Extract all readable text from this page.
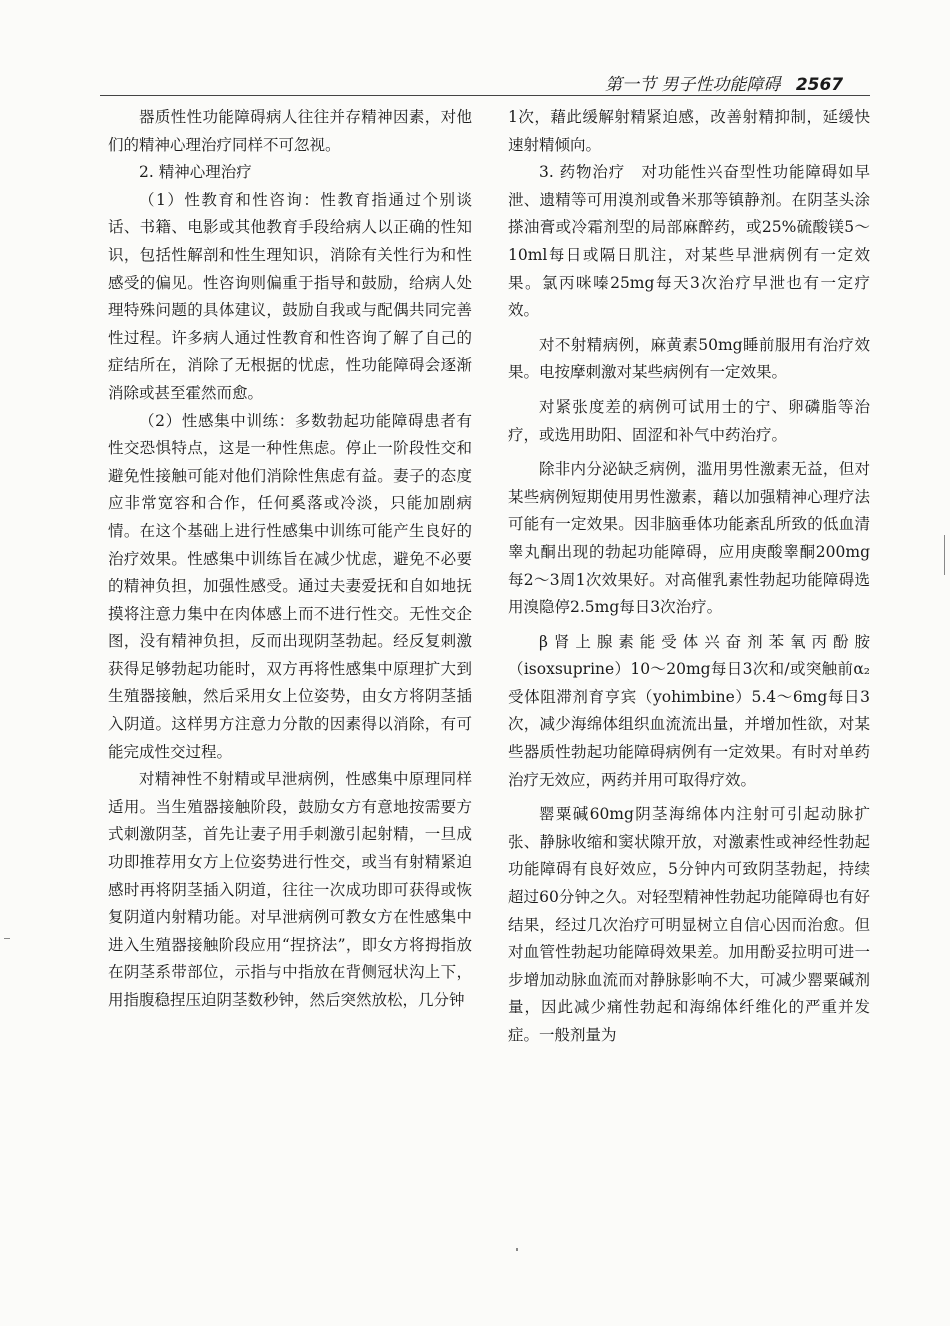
第一节 男子性功能障碍 2567

器质性性功能障碍病人往往并存精神因素，对他们的精神心理治疗同样不可忽视。

2. 精神心理治疗

（1）性教育和性咨询：性教育指通过个别谈话、书籍、电影或其他教育手段给病人以正确的性知识，包括性解剖和性生理知识，消除有关性行为和性感受的偏见。性咨询则偏重于指导和鼓励，给病人处理特殊问题的具体建议，鼓励自我或与配偶共同完善性过程。许多病人通过性教育和性咨询了解了自己的症结所在，消除了无根据的忧虑，性功能障碍会逐渐消除或甚至霍然而愈。

（2）性感集中训练：多数勃起功能障碍患者有性交恐惧特点，这是一种性焦虑。停止一阶段性交和避免性接触可能对他们消除性焦虑有益。妻子的态度应非常宽容和合作，任何奚落或冷淡，只能加剧病情。在这个基础上进行性感集中训练可能产生良好的治疗效果。性感集中训练旨在减少忧虑，避免不必要的精神负担，加强性感受。通过夫妻爱抚和自如地抚摸将注意力集中在肉体感上而不进行性交。无性交企图，没有精神负担，反而出现阴茎勃起。经反复刺激获得足够勃起功能时，双方再将性感集中原理扩大到生殖器接触，然后采用女上位姿势，由女方将阴茎插入阴道。这样男方注意力分散的因素得以消除，有可能完成性交过程。

对精神性不射精或早泄病例，性感集中原理同样适用。当生殖器接触阶段，鼓励女方有意地按需要方式刺激阴茎，首先让妻子用手刺激引起射精，一旦成功即推荐用女方上位姿势进行性交，或当有射精紧迫感时再将阴茎插入阴道，往往一次成功即可获得或恢复阴道内射精功能。对早泄病例可教女方在性感集中进入生殖器接触阶段应用“捏挤法”，即女方将拇指放在阴茎系带部位，示指与中指放在背侧冠状沟上下，用指腹稳捏压迫阴茎数秒钟，然后突然放松，几分钟

1次，藉此缓解射精紧迫感，改善射精抑制，延缓快速射精倾向。

3. 药物治疗　对功能性兴奋型性功能障碍如早泄、遗精等可用溴剂或鲁米那等镇静剂。在阴茎头涂搽油膏或冷霜剂型的局部麻醉药，或25%硫酸镁5～10ml每日或隔日肌注，对某些早泄病例有一定效果。氯丙咪嗪25mg每天3次治疗早泄也有一定疗效。

对不射精病例，麻黄素50mg睡前服用有治疗效果。电按摩刺激对某些病例有一定效果。

对紧张度差的病例可试用士的宁、卵磷脂等治疗，或选用助阳、固涩和补气中药治疗。

除非内分泌缺乏病例，滥用男性激素无益，但对某些病例短期使用男性激素，藉以加强精神心理疗法可能有一定效果。因非脑垂体功能紊乱所致的低血清睾丸酮出现的勃起功能障碍，应用庚酸睾酮200mg每2～3周1次效果好。对高催乳素性勃起功能障碍选用溴隐停2.5mg每日3次治疗。

β肾上腺素能受体兴奋剂苯氧丙酚胺（isoxsuprine）10～20mg每日3次和/或突触前α₂受体阻滞剂育亨宾（yohimbine）5.4～6mg每日3次，减少海绵体组织血流流出量，并增加性欲，对某些器质性勃起功能障碍病例有一定效果。有时对单药治疗无效应，两药并用可取得疗效。

罂粟碱60mg阴茎海绵体内注射可引起动脉扩张、静脉收缩和窦状隙开放，对激素性或神经性勃起功能障碍有良好效应，5分钟内可致阴茎勃起，持续超过60分钟之久。对轻型精神性勃起功能障碍也有好结果，经过几次治疗可明显树立自信心因而治愈。但对血管性勃起功能障碍效果差。加用酚妥拉明可进一步增加动脉血流而对静脉影响不大，可减少罂粟碱剂量，因此减少痛性勃起和海绵体纤维化的严重并发症。一般剂量为
